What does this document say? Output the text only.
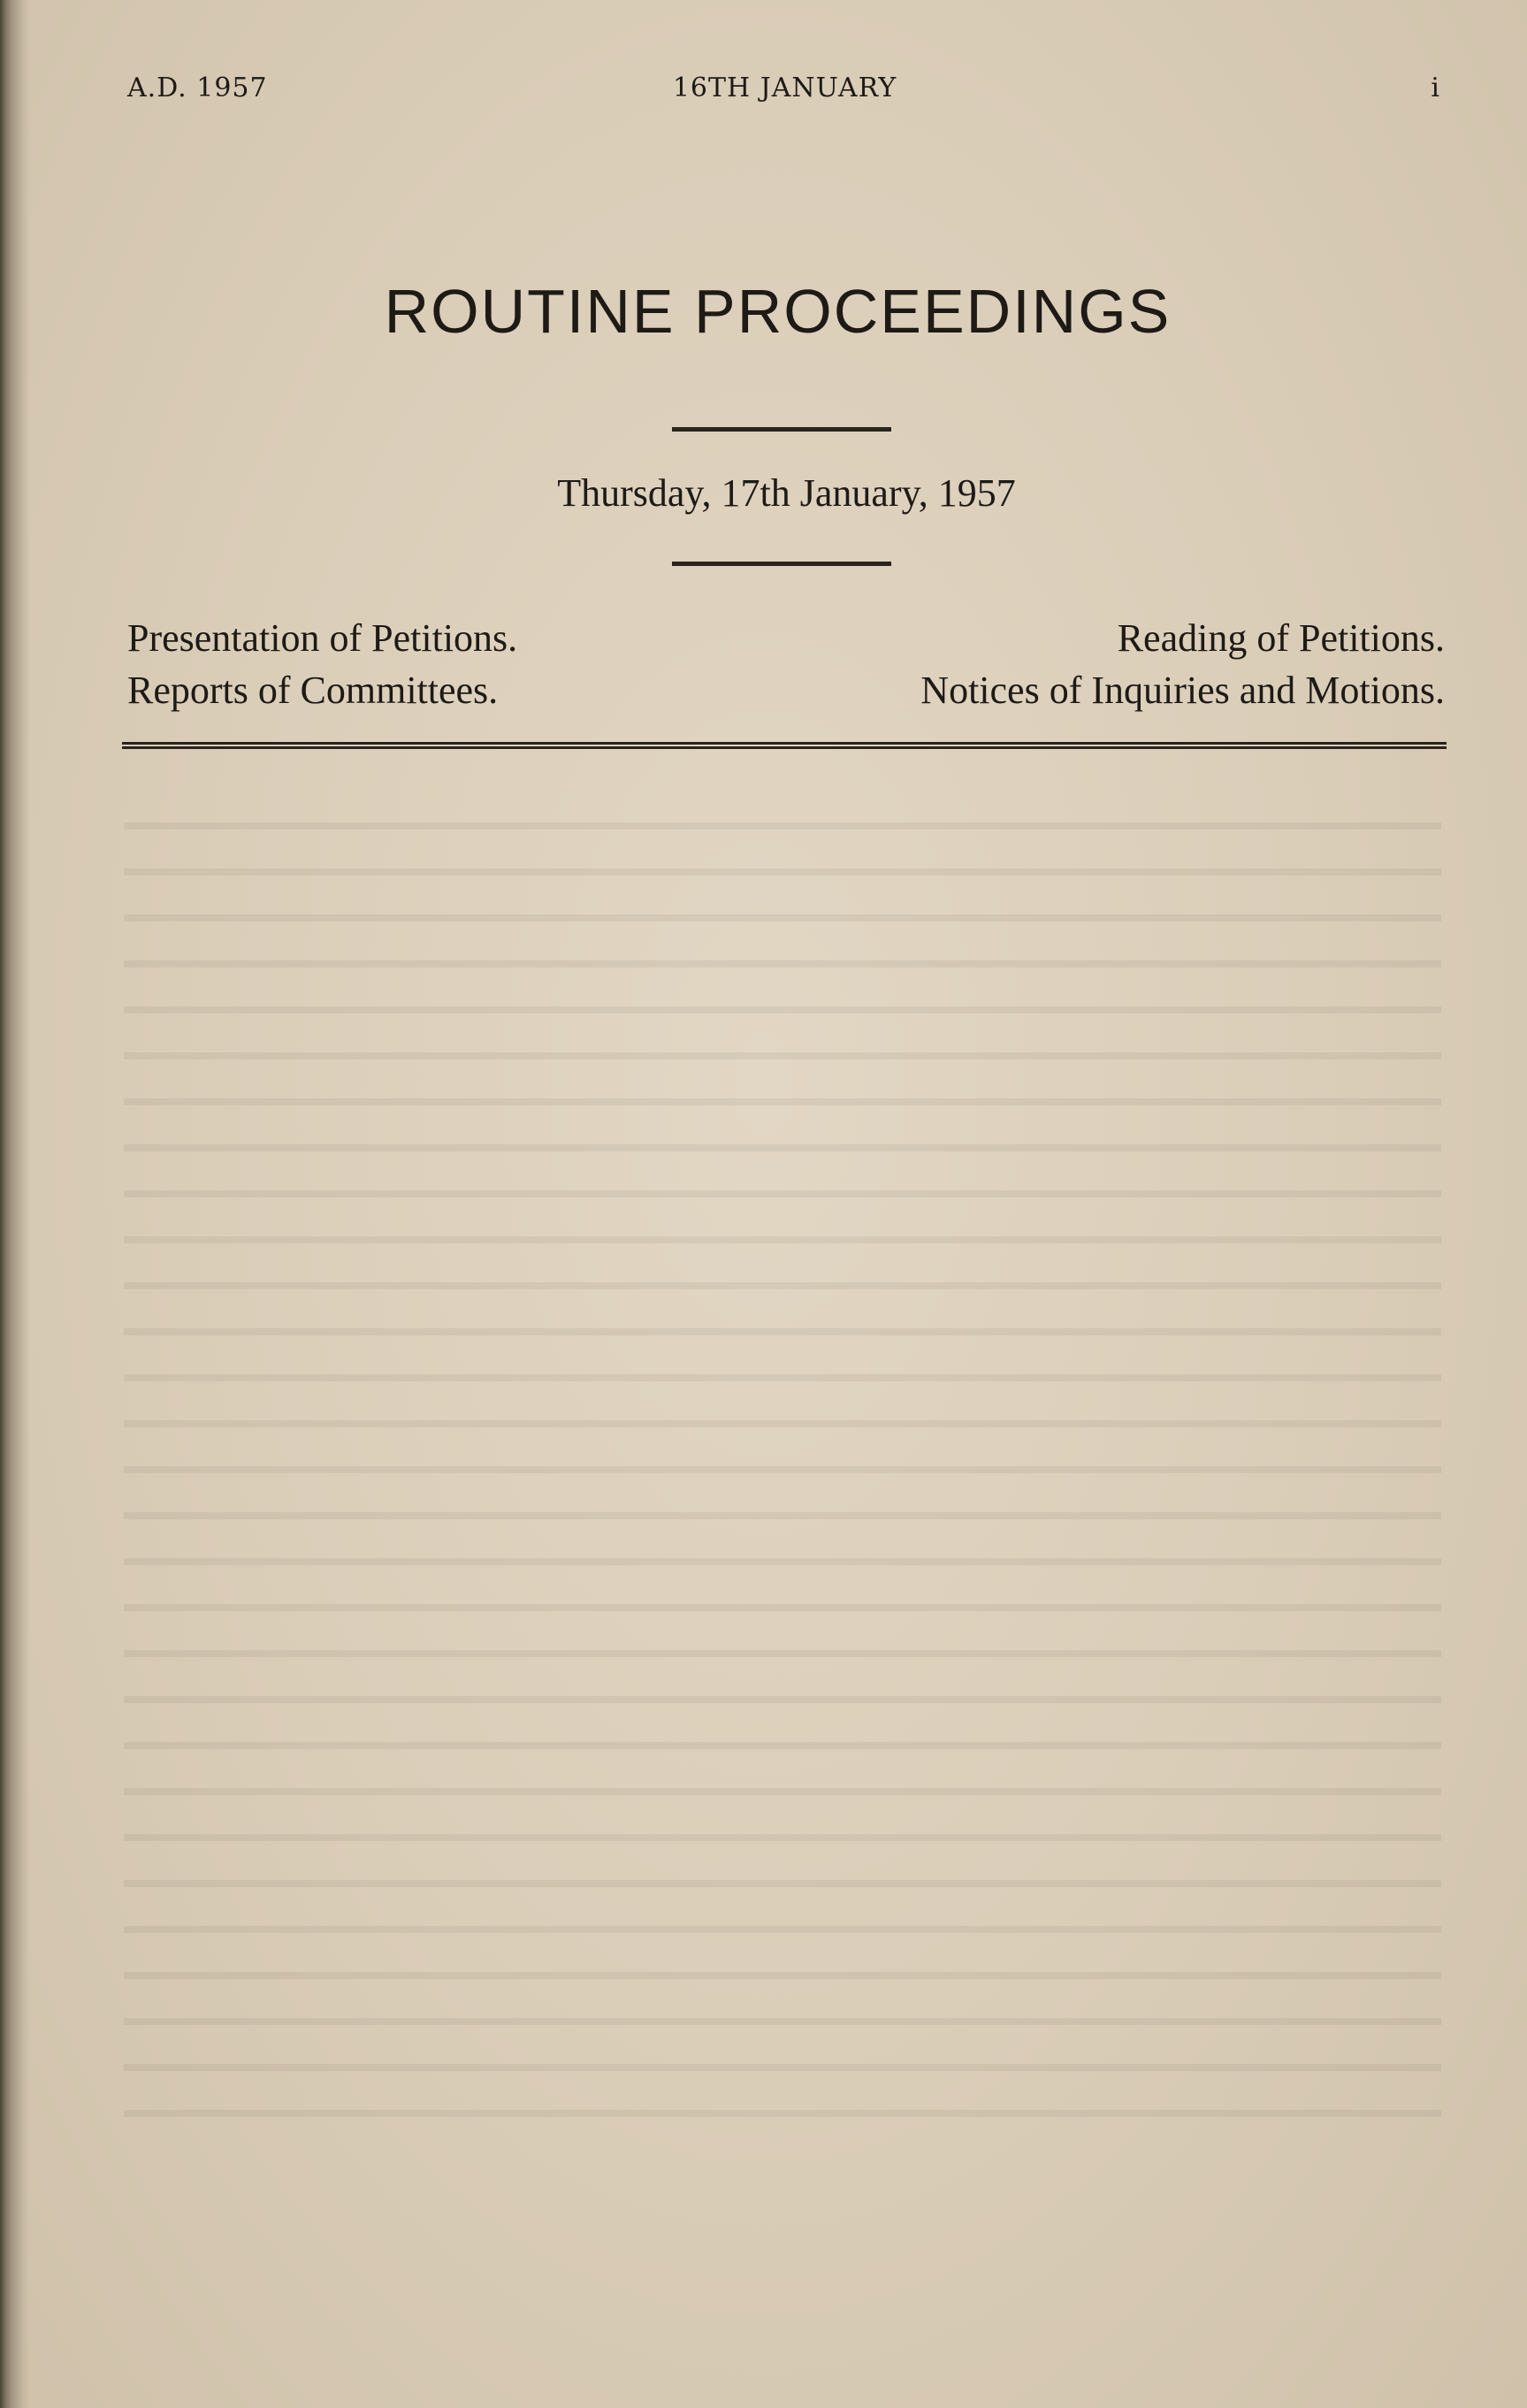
A.D. 1957	16TH JANUARY	i
ROUTINE PROCEEDINGS
Thursday, 17th January, 1957
Presentation of Petitions.
Reports of Committees.
Reading of Petitions.
Notices of Inquiries and Motions.
